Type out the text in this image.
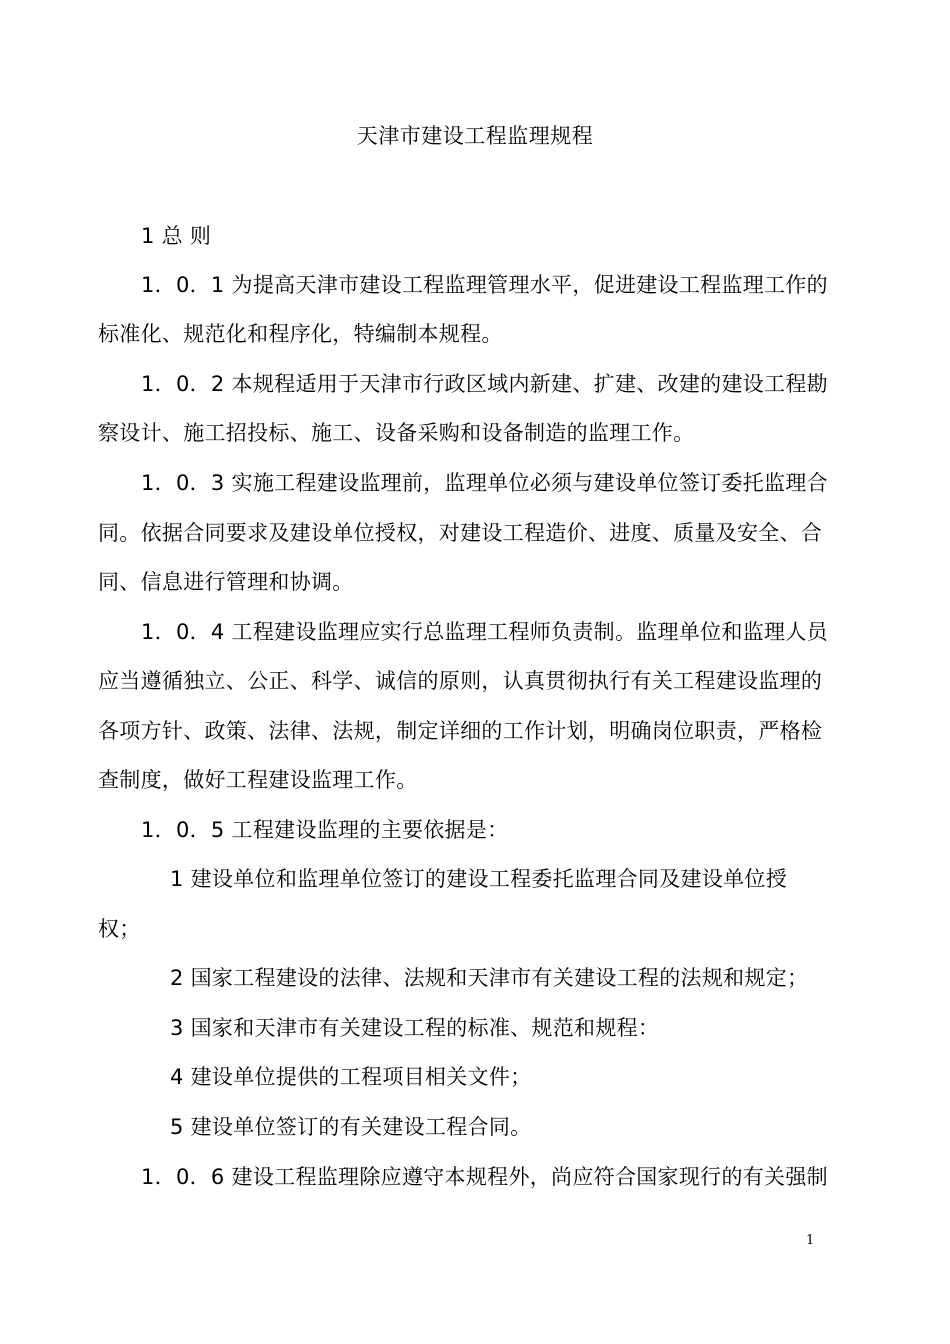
天津市建设工程监理规程
1 总 则
1．0．1 为提高天津市建设工程监理管理水平，促进建设工程监理工作的
标准化、规范化和程序化，特编制本规程。
1．0．2 本规程适用于天津市行政区域内新建、扩建、改建的建设工程勘
察设计、施工招投标、施工、设备采购和设备制造的监理工作。
1．0．3 实施工程建设监理前，监理单位必须与建设单位签订委托监理合
同。依据合同要求及建设单位授权，对建设工程造价、进度、质量及安全、合
同、信息进行管理和协调。
1．0．4 工程建设监理应实行总监理工程师负责制。监理单位和监理人员
应当遵循独立、公正、科学、诚信的原则，认真贯彻执行有关工程建设监理的
各项方针、政策、法律、法规，制定详细的工作计划，明确岗位职责，严格检
查制度，做好工程建设监理工作。
1．0．5 工程建设监理的主要依据是：
1 建设单位和监理单位签订的建设工程委托监理合同及建设单位授
权；
2 国家工程建设的法律、法规和天津市有关建设工程的法规和规定；
3 国家和天津市有关建设工程的标准、规范和规程：
4 建设单位提供的工程项目相关文件；
5 建设单位签订的有关建设工程合同。
1．0．6 建设工程监理除应遵守本规程外，尚应符合国家现行的有关强制
1
